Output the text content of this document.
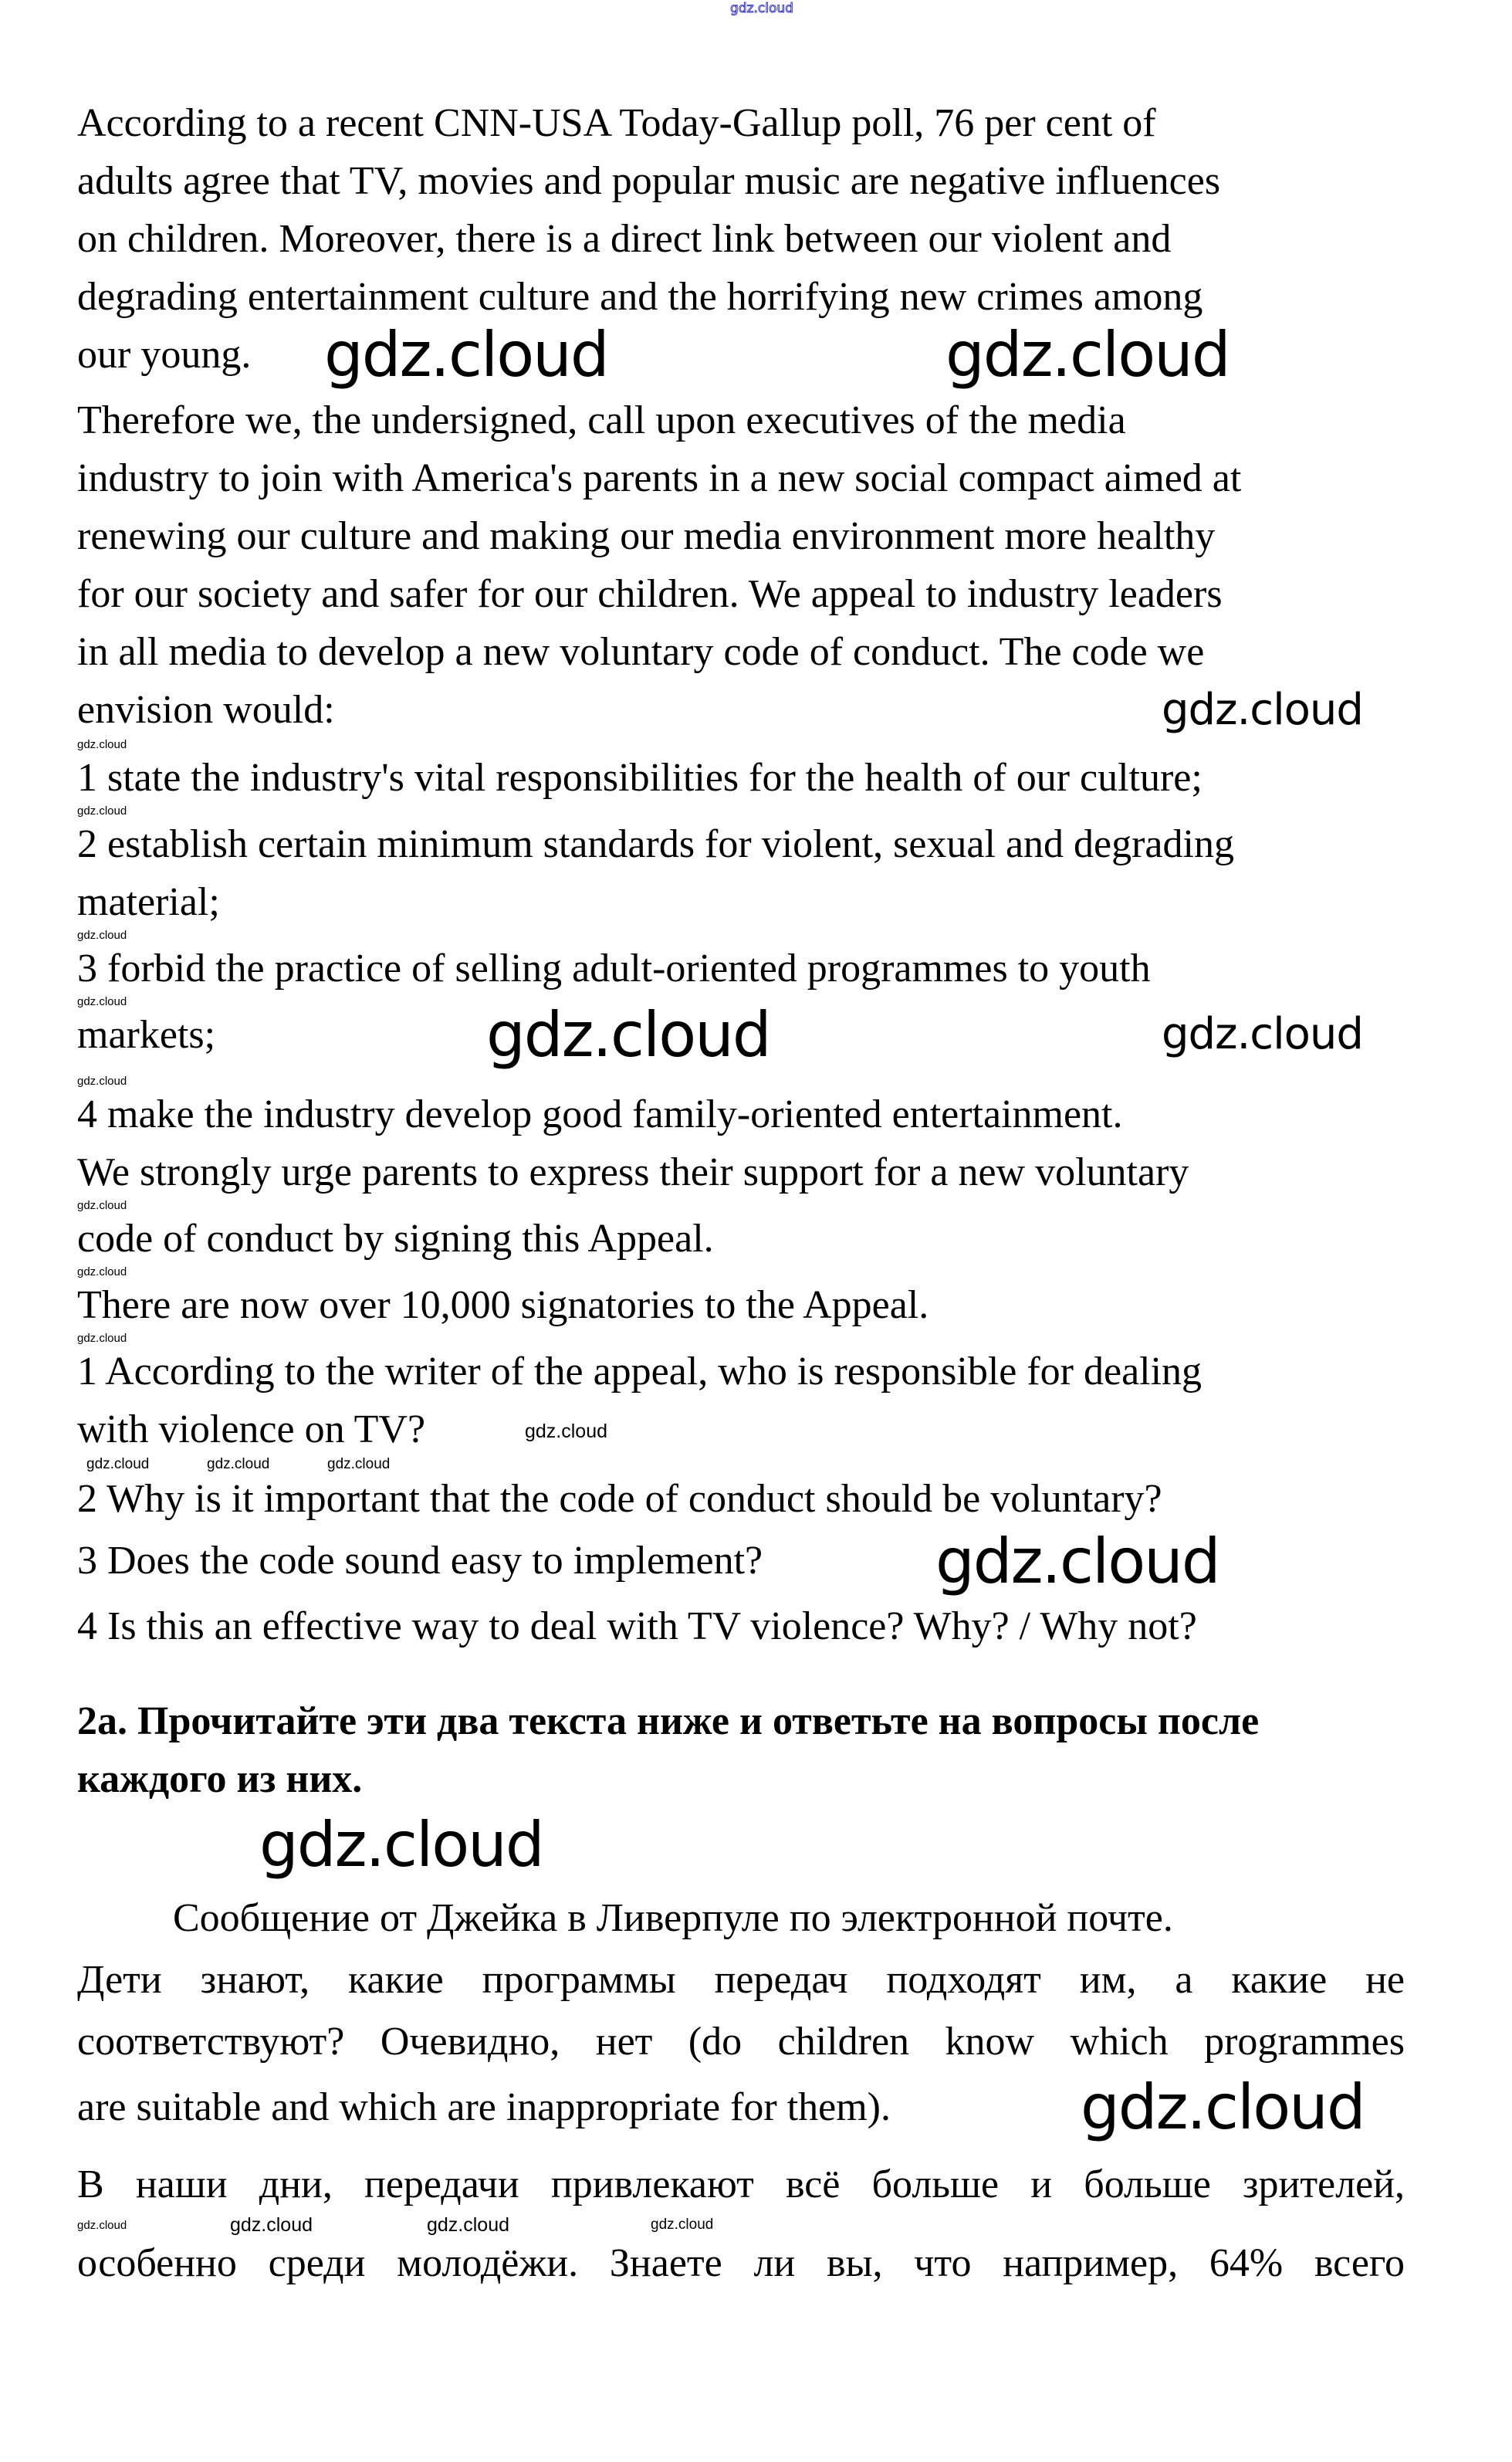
gdz.cloud
According to a recent CNN-USA Today-Gallup poll, 76 per cent of
adults agree that TV, movies and popular music are negative influences
on children. Moreover, there is a direct link between our violent and
degrading entertainment culture and the horrifying new crimes among
our young. gdz.cloud	gdz.cloud
Therefore we, the undersigned, call upon executives of the media
industry to join with America's parents in a new social compact aimed at
renewing our culture and making our media environment more healthy
for our society and safer for our children. We appeal to industry leaders
in all media to develop a new voluntary code of conduct. The code we
envision would:	gdz.cloud
gdz.cloud
1 state the industry's vital responsibilities for the health of our culture;
gdz.cloud
2 establish certain minimum standards for violent, sexual and degrading
material;
gdz.cloud
3 forbid the practice of selling adult-oriented programmes to youth
gdz.cloud
markets;	gdz.cloud	gdz.cloud
gdz.cloud
4 make the industry develop good family-oriented entertainment.
We strongly urge parents to express their support for a new voluntary
gdz.cloud
code of conduct by signing this Appeal.
gdz.cloud
There are now over 10,000 signatories to the Appeal.
gdz.cloud
1 According to the writer of the appeal, who is responsible for dealing
with violence on TV?	gdz.cloud
gdz.cloud	gdz.cloud	gdz.cloud
2 Why is it important that the code of conduct should be voluntary?
3 Does the code sound easy to implement?	gdz.cloud
4 Is this an effective way to deal with TV violence? Why? / Why not?
2a. Прочитайте эти два текста ниже и ответьте на вопросы после
каждого из них.
gdz.cloud
Сообщение от Джейка в Ливерпуле по электронной почте.
Дети знают, какие программы передач подходят им, а какие не
соответствуют? Очевидно, нет (do children know which programmes
are suitable and which are inappropriate for them).	gdz.cloud
В наши дни, передачи привлекают всё больше и больше зрителей,
gdz.cloud	gdz.cloud	gdz.cloud	gdz.cloud
особенно среди молодёжи. Знаете ли вы, что например, 64% всего
